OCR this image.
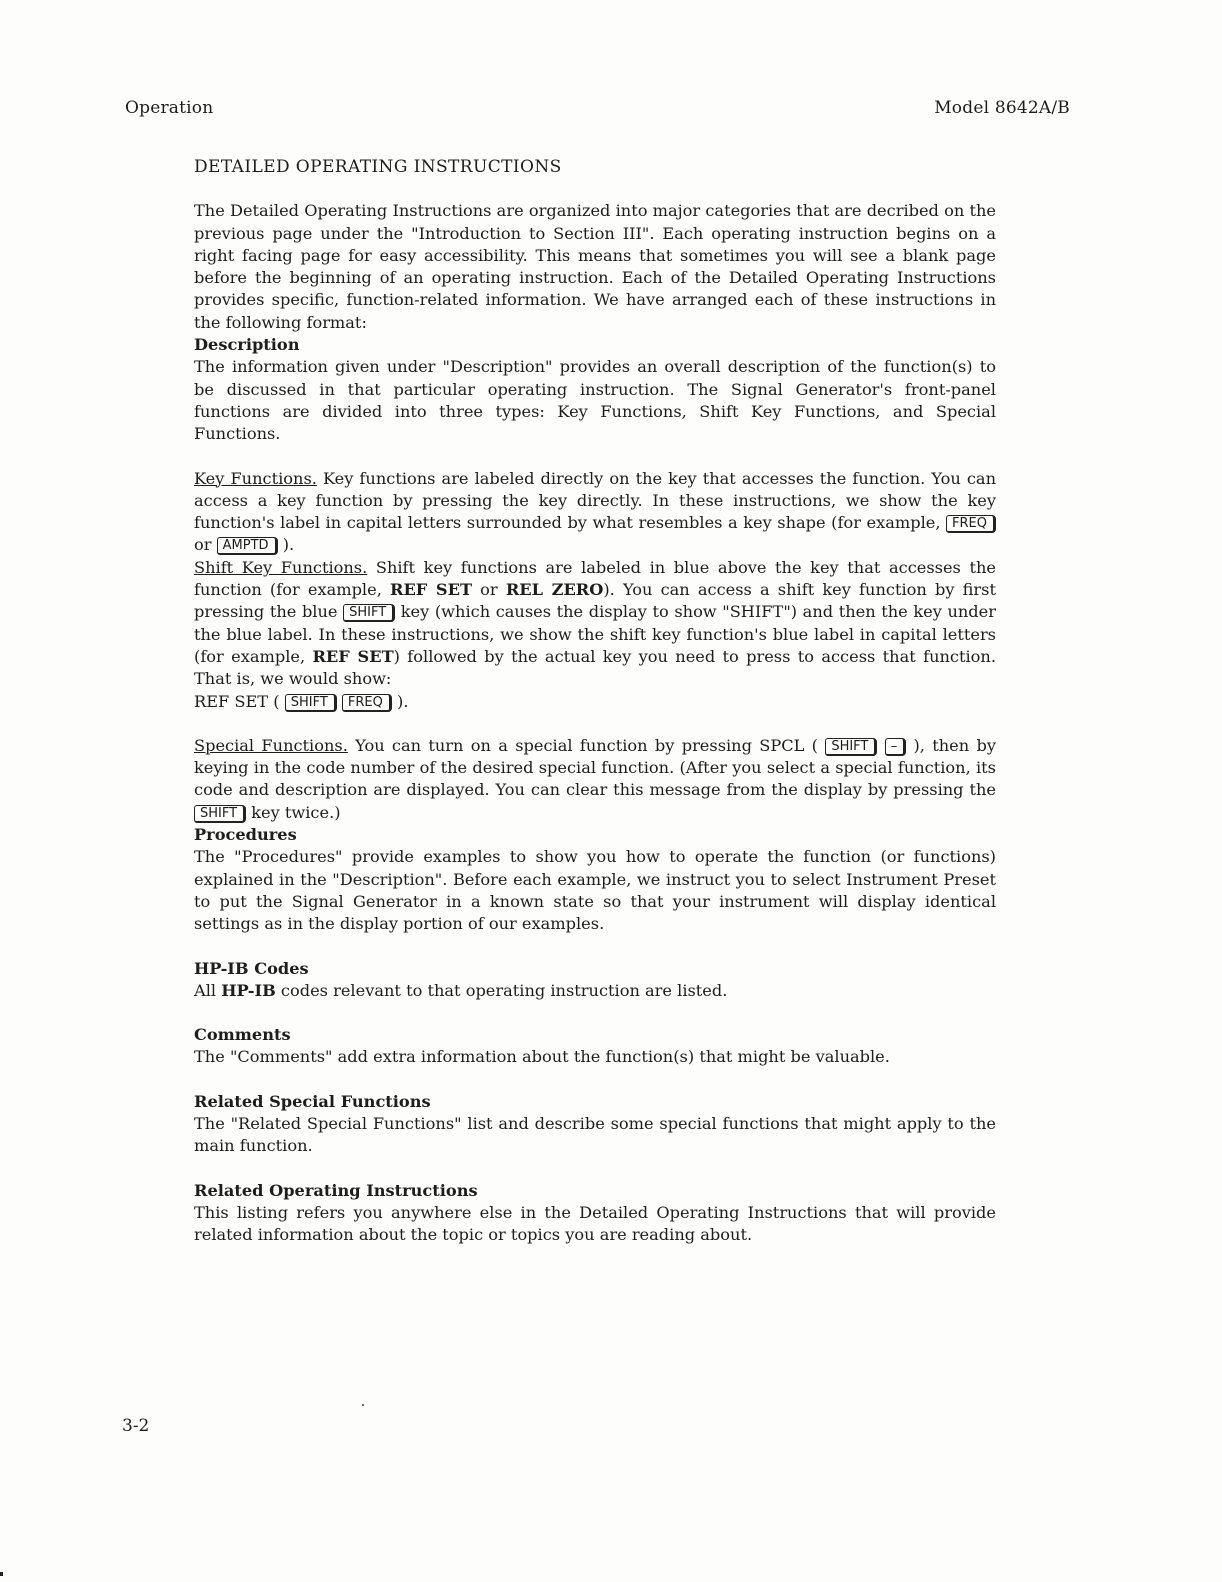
Operation	Model 8642A/B
DETAILED OPERATING INSTRUCTIONS

The Detailed Operating Instructions are organized into major categories that are decribed on the previous page under the "Introduction to Section III". Each operating instruction begins on a right facing page for easy accessibility. This means that sometimes you will see a blank page before the beginning of an operating instruction. Each of the Detailed Operating Instructions provides specific, function-related information. We have arranged each of these instructions in the following format:

Description

The information given under "Description" provides an overall description of the function(s) to be discussed in that particular operating instruction. The Signal Generator's front-panel functions are divided into three types: Key Functions, Shift Key Functions, and Special Functions.

Key Functions. Key functions are labeled directly on the key that accesses the function. You can access a key function by pressing the key directly. In these instructions, we show the key function's label in capital letters surrounded by what resembles a key shape (for example, FREQ or AMPTD ).

Shift Key Functions. Shift key functions are labeled in blue above the key that accesses the function (for example, REF SET or REL ZERO). You can access a shift key function by first pressing the blue SHIFT key (which causes the display to show "SHIFT") and then the key under the blue label. In these instructions, we show the shift key function's blue label in capital letters (for example, REF SET) followed by the actual key you need to press to access that function. That is, we would show:

REF SET ( SHIFT FREQ ).

Special Functions. You can turn on a special function by pressing SPCL ( SHIFT – ), then by keying in the code number of the desired special function. (After you select a special function, its code and description are displayed. You can clear this message from the display by pressing the SHIFT key twice.)

Procedures

The "Procedures" provide examples to show you how to operate the function (or functions) explained in the "Description". Before each example, we instruct you to select Instrument Preset to put the Signal Generator in a known state so that your instrument will display identical settings as in the display portion of our examples.

HP-IB Codes

All HP-IB codes relevant to that operating instruction are listed.

Comments

The "Comments" add extra information about the function(s) that might be valuable.

Related Special Functions

The "Related Special Functions" list and describe some special functions that might apply to the main function.

Related Operating Instructions

This listing refers you anywhere else in the Detailed Operating Instructions that will provide related information about the topic or topics you are reading about.

3-2
